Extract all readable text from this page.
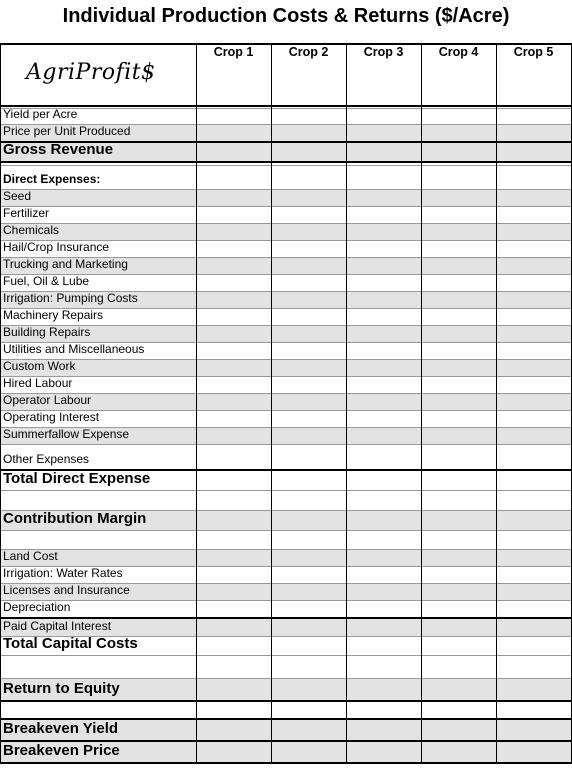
Individual Production Costs & Returns ($/Acre)
Crop 1	Crop 2	Crop 3	Crop 4	Crop 5
AgriProfit$
Yield per Acre
Price per Unit Produced
Gross Revenue
Direct Expenses:
Seed
Fertilizer
Chemicals
Hail/Crop Insurance
Trucking and Marketing
Fuel, Oil & Lube
Irrigation: Pumping Costs
Machinery Repairs
Building Repairs
Utilities and Miscellaneous
Custom Work
Hired Labour
Operator Labour
Operating Interest
Summerfallow Expense
Other Expenses
Total Direct Expense
Contribution Margin
Land Cost
Irrigation: Water Rates
Licenses and Insurance
Depreciation
Paid Capital Interest
Total Capital Costs
Return to Equity
Breakeven Yield
Breakeven Price
